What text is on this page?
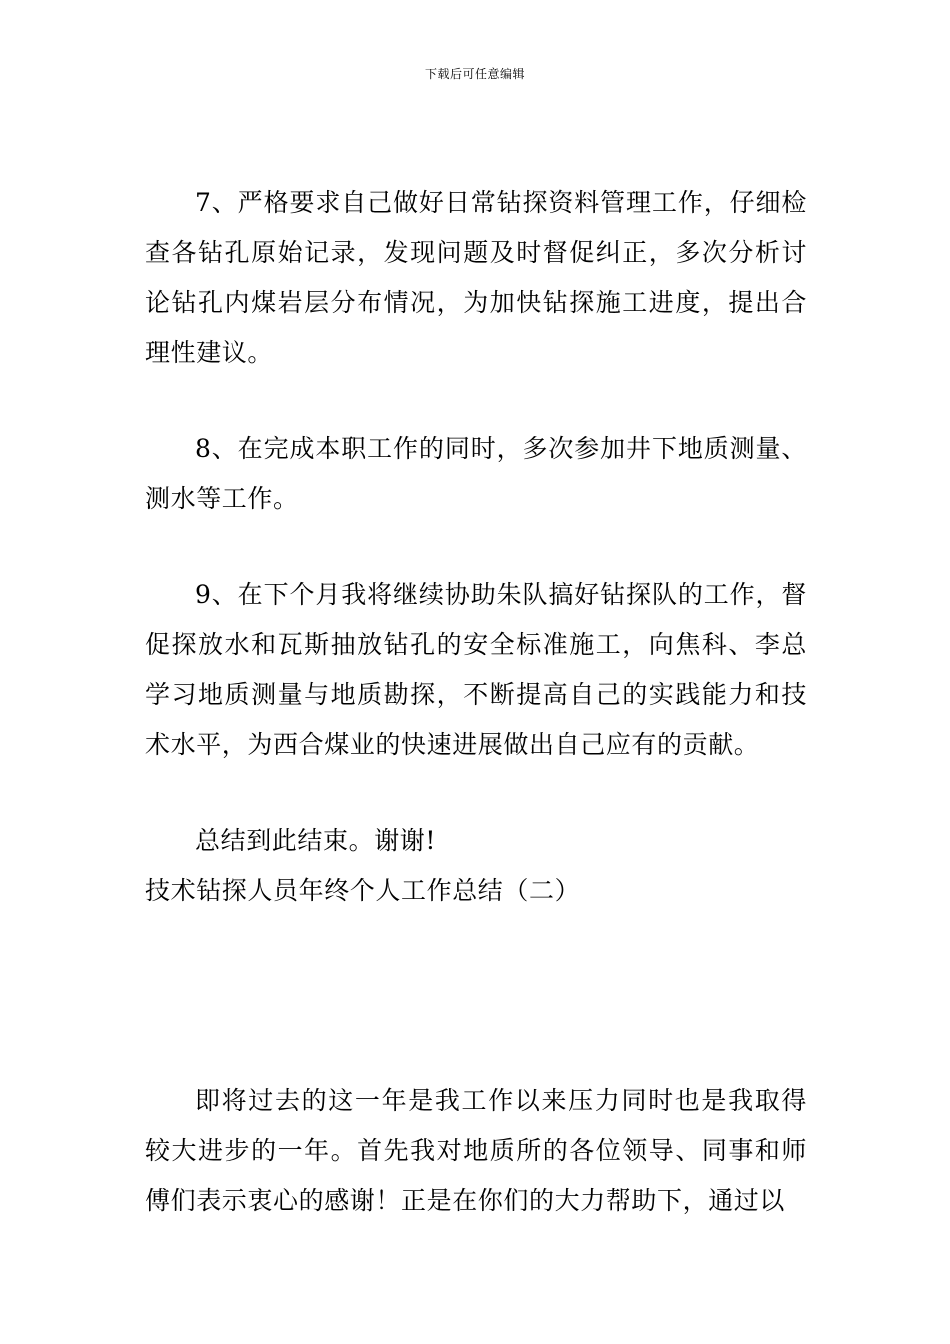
下载后可任意编辑

7、严格要求自己做好日常钻探资料管理工作，仔细检查各钻孔原始记录，发现问题及时督促纠正，多次分析讨论钻孔内煤岩层分布情况，为加快钻探施工进度，提出合理性建议。

8、在完成本职工作的同时，多次参加井下地质测量、测水等工作。

9、在下个月我将继续协助朱队搞好钻探队的工作，督促探放水和瓦斯抽放钻孔的安全标准施工，向焦科、李总学习地质测量与地质勘探，不断提高自己的实践能力和技术水平，为西合煤业的快速进展做出自己应有的贡献。

总结到此结束。谢谢!

技术钻探人员年终个人工作总结（二）

即将过去的这一年是我工作以来压力同时也是我取得较大进步的一年。首先我对地质所的各位领导、同事和师傅们表示衷心的感谢！正是在你们的大力帮助下，通过以
